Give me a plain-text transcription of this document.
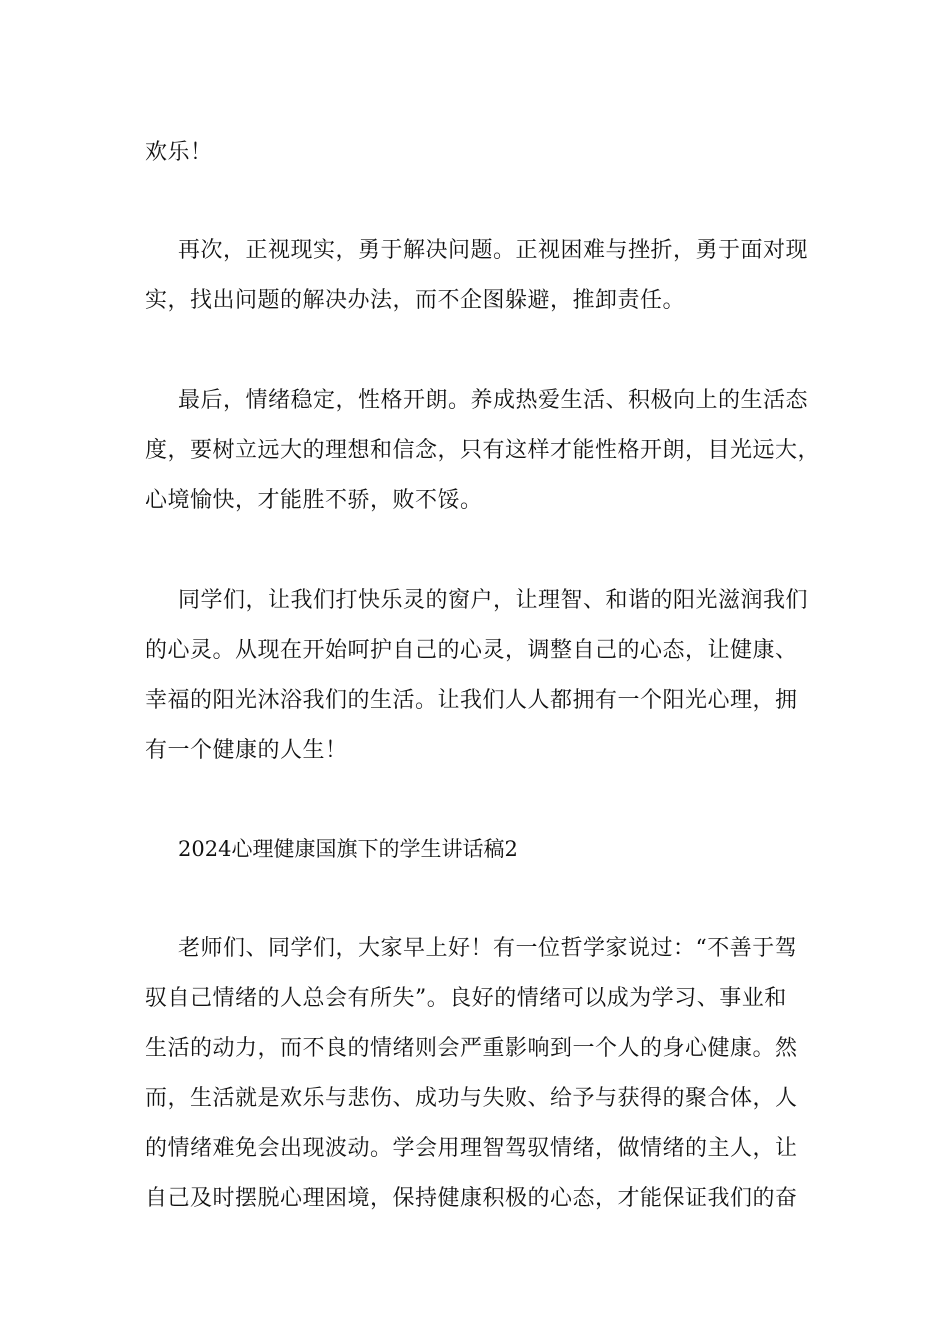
欢乐！
再次，正视现实，勇于解决问题。正视困难与挫折，勇于面对现
实，找出问题的解决办法，而不企图躲避，推卸责任。
最后，情绪稳定，性格开朗。养成热爱生活、积极向上的生活态
度，要树立远大的理想和信念，只有这样才能性格开朗，目光远大，
心境愉快，才能胜不骄，败不馁。
同学们，让我们打快乐灵的窗户，让理智、和谐的阳光滋润我们
的心灵。从现在开始呵护自己的心灵，调整自己的心态，让健康、
幸福的阳光沐浴我们的生活。让我们人人都拥有一个阳光心理，拥
有一个健康的人生！
2024心理健康国旗下的学生讲话稿2
老师们、同学们，大家早上好！有一位哲学家说过：“不善于驾
驭自己情绪的人总会有所失”。良好的情绪可以成为学习、事业和
生活的动力，而不良的情绪则会严重影响到一个人的身心健康。然
而，生活就是欢乐与悲伤、成功与失败、给予与获得的聚合体，人
的情绪难免会出现波动。学会用理智驾驭情绪，做情绪的主人，让
自己及时摆脱心理困境，保持健康积极的心态，才能保证我们的奋
